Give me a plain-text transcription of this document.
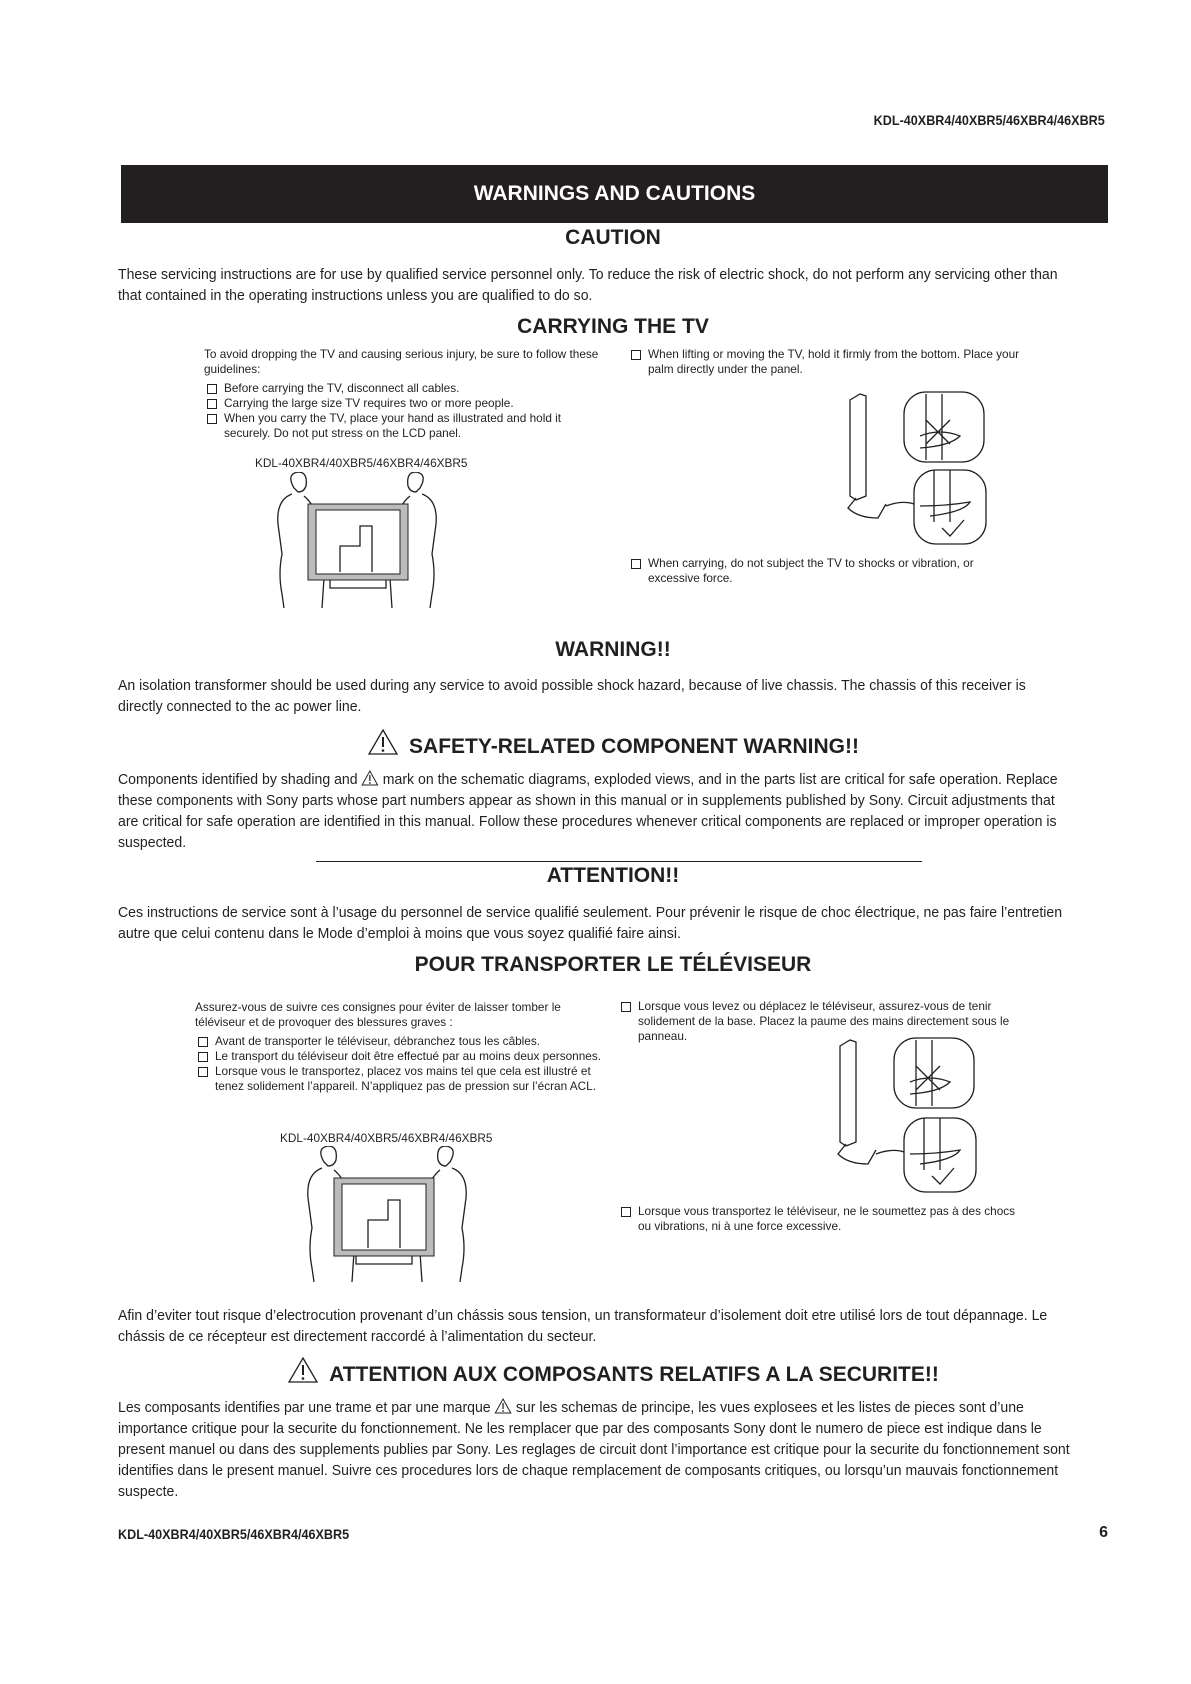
KDL-40XBR4/40XBR5/46XBR4/46XBR5
WARNINGS AND CAUTIONS
CAUTION
These servicing instructions are for use by qualified service personnel only. To reduce the risk of electric shock, do not perform any servicing other than that contained in the operating instructions unless you are qualified to do so.
CARRYING THE TV
To avoid dropping the TV and causing serious injury, be sure to follow these guidelines:
Before carrying the TV, disconnect all cables.
Carrying the large size TV requires two or more people.
When you carry the TV, place your hand as illustrated and hold it securely. Do not put stress on the LCD panel.
KDL-40XBR4/40XBR5/46XBR4/46XBR5
When lifting or moving the TV, hold it firmly from the bottom. Place your palm directly under the panel.
When carrying, do not subject the TV to shocks or vibration, or excessive force.
WARNING!!
An isolation transformer should be used during any service to avoid possible shock hazard, because of live chassis. The chassis of this receiver is directly connected to the ac power line.
SAFETY-RELATED COMPONENT WARNING!!
Components identified by shading and mark on the schematic diagrams, exploded views, and in the parts list are critical for safe operation. Replace these components with Sony parts whose part numbers appear as shown in this manual or in supplements published by Sony. Circuit adjustments that are critical for safe operation are identified in this manual. Follow these procedures whenever critical components are replaced or improper operation is suspected.
ATTENTION!!
Ces instructions de service sont à l’usage du personnel de service qualifié seulement. Pour prévenir le risque de choc électrique, ne pas faire l’entretien autre que celui contenu dans le Mode d’emploi à moins que vous soyez qualifié faire ainsi.
POUR TRANSPORTER LE TÉLÉVISEUR
Assurez-vous de suivre ces consignes pour éviter de laisser tomber le téléviseur et de provoquer des blessures graves :
Avant de transporter le téléviseur, débranchez tous les câbles.
Le transport du téléviseur doit être effectué par au moins deux personnes.
Lorsque vous le transportez, placez vos mains tel que cela est illustré et tenez solidement l’appareil. N’appliquez pas de pression sur l’écran ACL.
KDL-40XBR4/40XBR5/46XBR4/46XBR5
Lorsque vous levez ou déplacez le téléviseur, assurez-vous de tenir solidement de la base. Placez la paume des mains directement sous le panneau.
Lorsque vous transportez le téléviseur, ne le soumettez pas à des chocs ou vibrations, ni à une force excessive.
Afin d’eviter tout risque d’electrocution provenant d’un chássis sous tension, un transformateur d’isolement doit etre utilisé lors de tout dépannage. Le chássis de ce récepteur est directement raccordé à l’alimentation du secteur.
ATTENTION AUX COMPOSANTS RELATIFS A LA SECURITE!!
Les composants identifies par une trame et par une marque sur les schemas de principe, les vues explosees et les listes de pieces sont d’une importance critique pour la securite du fonctionnement. Ne les remplacer que par des composants Sony dont le numero de piece est indique dans le present manuel ou dans des supplements publies par Sony. Les reglages de circuit dont l’importance est critique pour la securite du fonctionnement sont identifies dans le present manuel. Suivre ces procedures lors de chaque remplacement de composants critiques, ou lorsqu’un mauvais fonctionnement suspecte.
KDL-40XBR4/40XBR5/46XBR4/46XBR5	6
